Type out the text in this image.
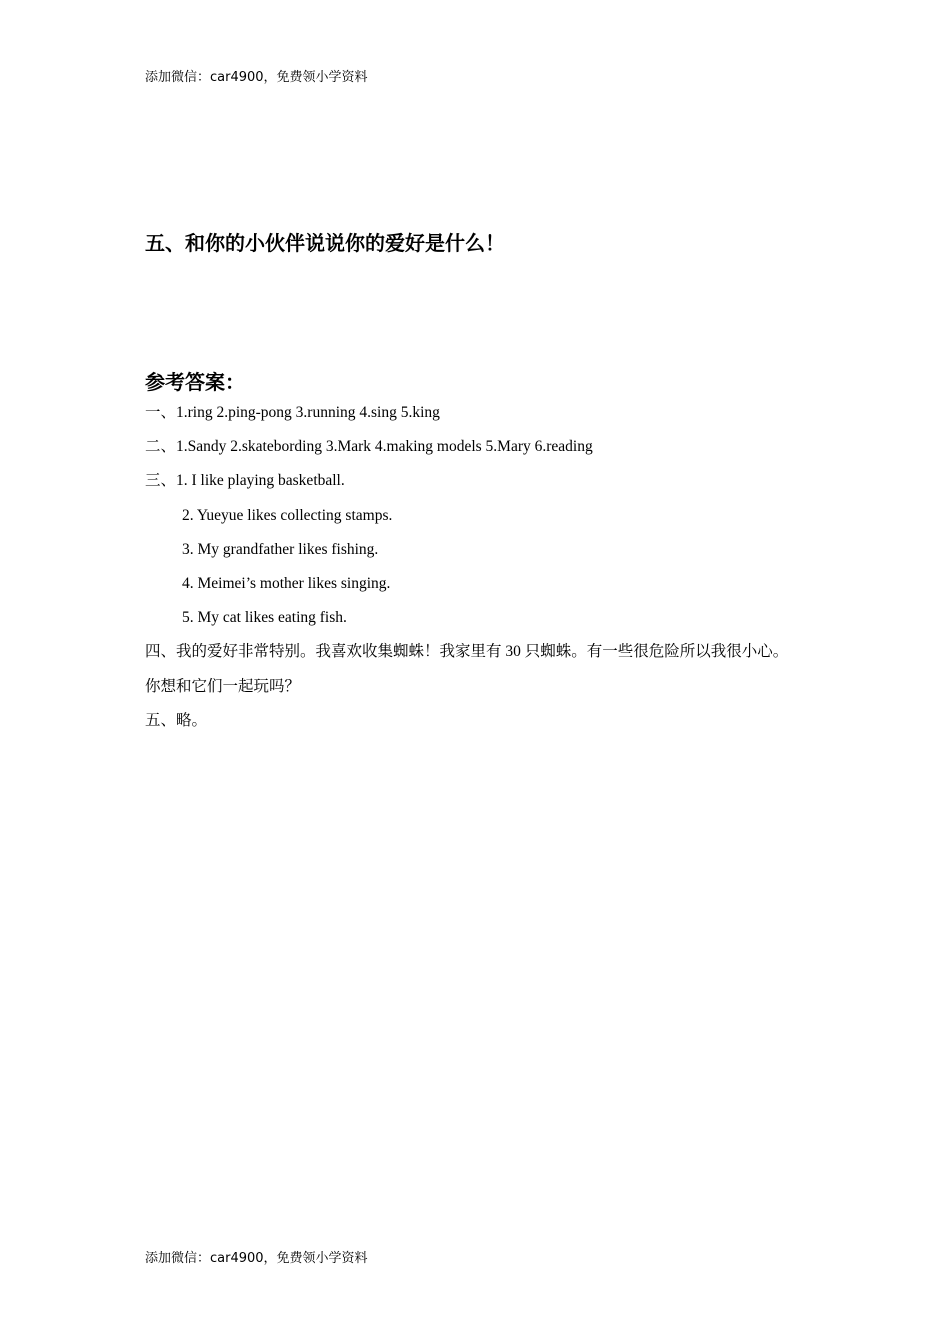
添加微信：car4900，免费领小学资料
五、和你的小伙伴说说你的爱好是什么！
参考答案：
一、1.ring 2.ping-pong 3.running 4.sing 5.king
二、1.Sandy 2.skatebording 3.Mark 4.making models 5.Mary 6.reading
三、1. I like playing basketball.
2. Yueyue likes collecting stamps.
3. My grandfather likes fishing.
4. Meimei’s mother likes singing.
5. My cat likes eating fish.
四、我的爱好非常特别。我喜欢收集蜘蛛！我家里有 30 只蜘蛛。有一些很危险所以我很小心。
你想和它们一起玩吗？
五、略。
添加微信：car4900，免费领小学资料
